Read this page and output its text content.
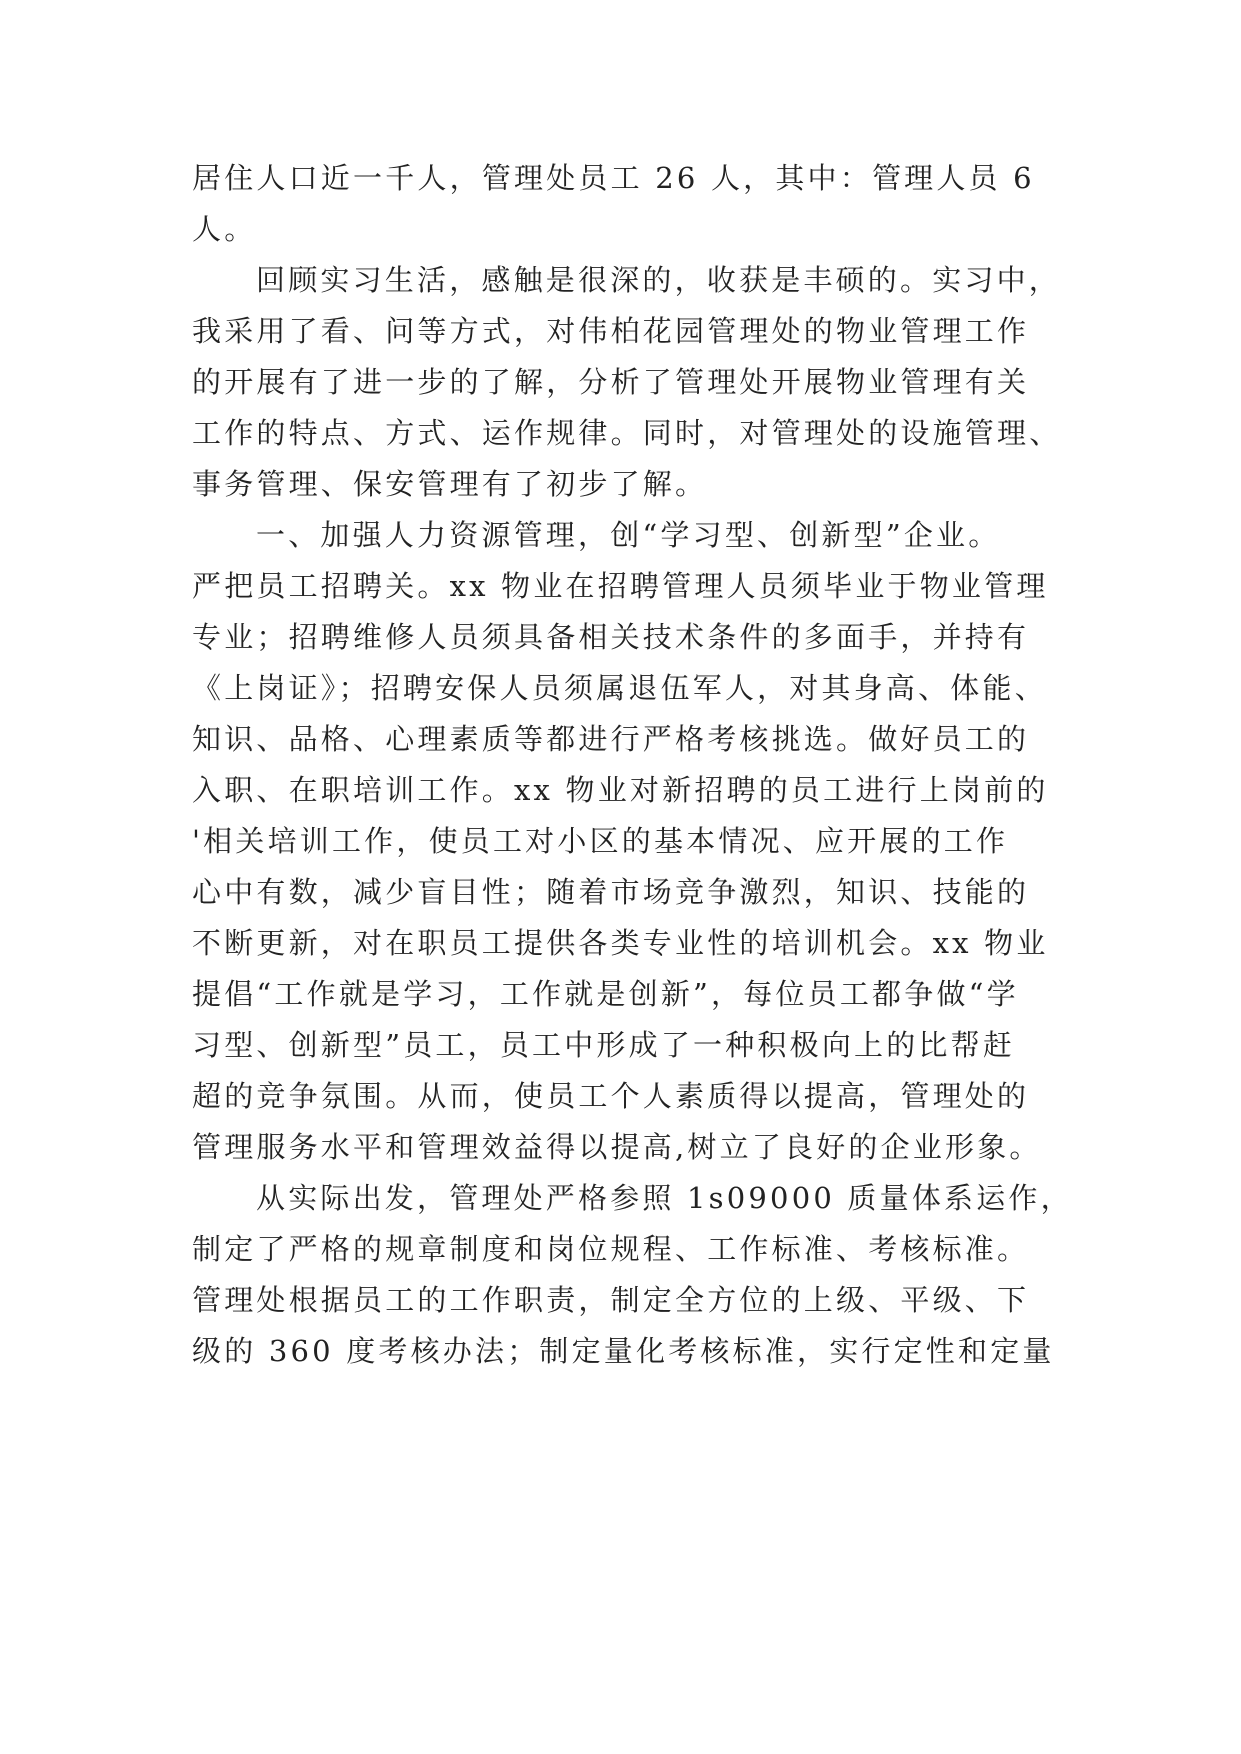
居住人口近一千人，管理处员工 26 人，其中：管理人员 6
人。
回顾实习生活，感触是很深的，收获是丰硕的。实习中，
我采用了看、问等方式，对伟柏花园管理处的物业管理工作
的开展有了进一步的了解，分析了管理处开展物业管理有关
工作的特点、方式、运作规律。同时，对管理处的设施管理、
事务管理、保安管理有了初步了解。
一、加强人力资源管理，创“学习型、创新型”企业。
严把员工招聘关。xx 物业在招聘管理人员须毕业于物业管理
专业；招聘维修人员须具备相关技术条件的多面手，并持有
《上岗证》；招聘安保人员须属退伍军人，对其身高、体能、
知识、品格、心理素质等都进行严格考核挑选。做好员工的
入职、在职培训工作。xx 物业对新招聘的员工进行上岗前的
'相关培训工作，使员工对小区的基本情况、应开展的工作
心中有数，减少盲目性；随着市场竞争激烈，知识、技能的
不断更新，对在职员工提供各类专业性的培训机会。xx 物业
提倡“工作就是学习，工作就是创新”，每位员工都争做“学
习型、创新型”员工，员工中形成了一种积极向上的比帮赶
超的竞争氛围。从而，使员工个人素质得以提高，管理处的
管理服务水平和管理效益得以提高,树立了良好的企业形象。
从实际出发，管理处严格参照 1s09000 质量体系运作，
制定了严格的规章制度和岗位规程、工作标准、考核标准。
管理处根据员工的工作职责，制定全方位的上级、平级、下
级的 360 度考核办法；制定量化考核标准，实行定性和定量
